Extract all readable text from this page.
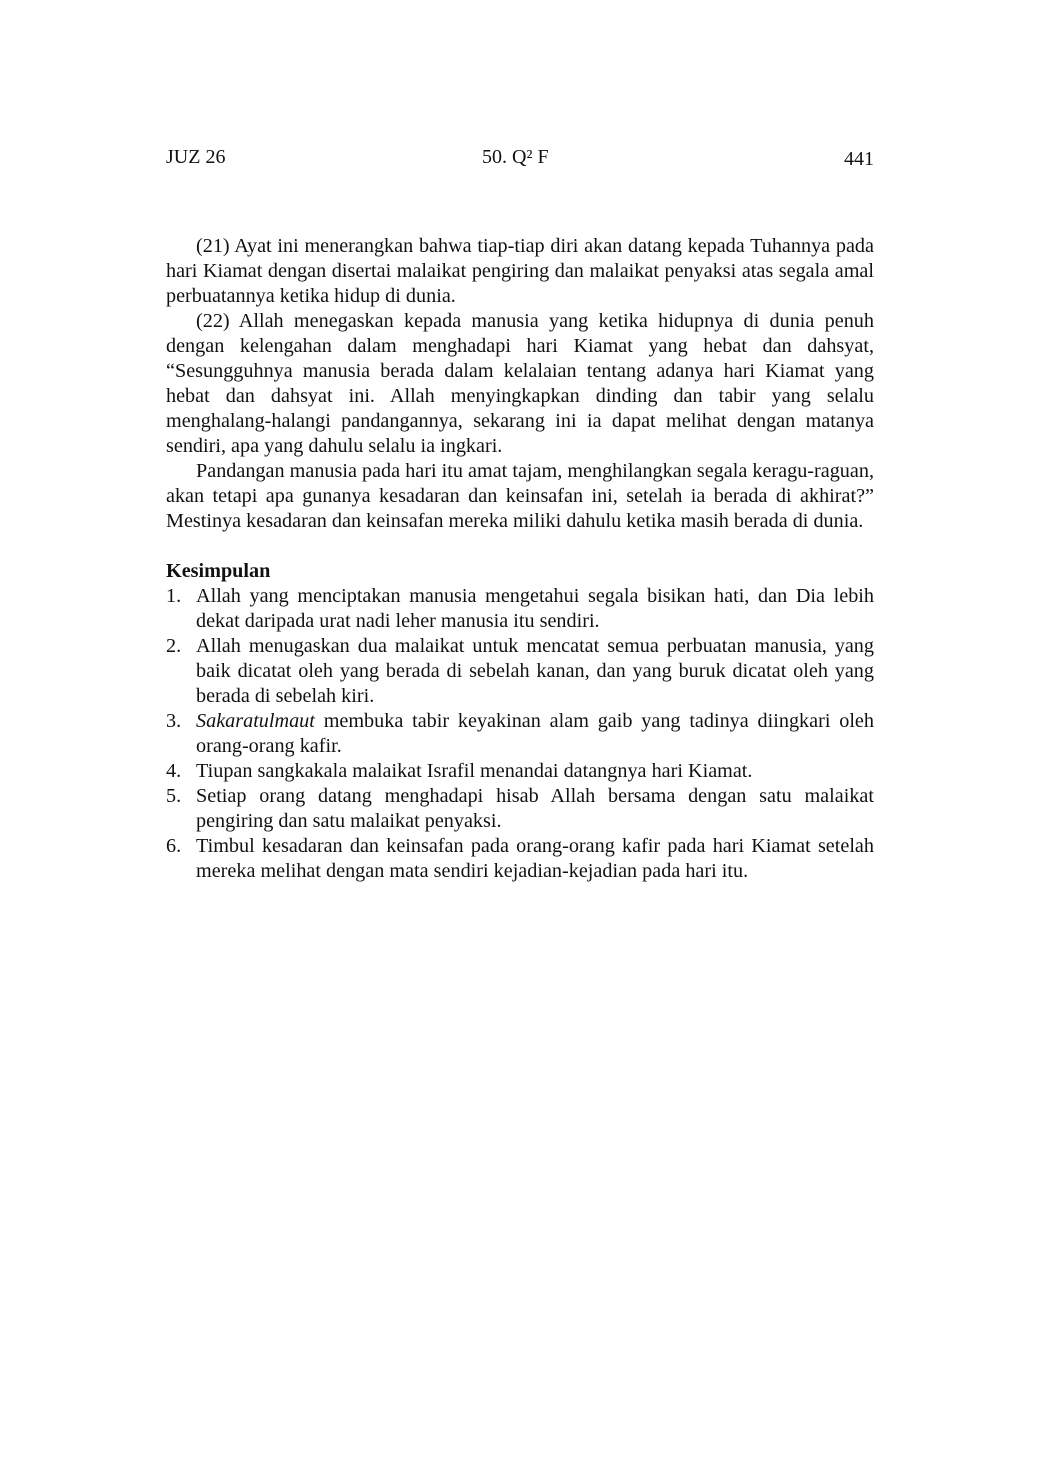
JUZ 26	50. Q² F	441

(21) Ayat ini menerangkan bahwa tiap-tiap diri akan datang kepada Tuhannya pada hari Kiamat dengan disertai malaikat pengiring dan malaikat penyaksi atas segala amal perbuatannya ketika hidup di dunia.

(22) Allah menegaskan kepada manusia yang ketika hidupnya di dunia penuh dengan kelengahan dalam menghadapi hari Kiamat yang hebat dan dahsyat, “Sesungguhnya manusia berada dalam kelalaian tentang adanya hari Kiamat yang hebat dan dahsyat ini. Allah menyingkapkan dinding dan tabir yang selalu menghalang-halangi pandangannya, sekarang ini ia dapat melihat dengan matanya sendiri, apa yang dahulu selalu ia ingkari.

Pandangan manusia pada hari itu amat tajam, menghilangkan segala keragu-raguan, akan tetapi apa gunanya kesadaran dan keinsafan ini, setelah ia berada di akhirat?” Mestinya kesadaran dan keinsafan mereka miliki dahulu ketika masih berada di dunia.

Kesimpulan
1. Allah yang menciptakan manusia mengetahui segala bisikan hati, dan Dia lebih dekat daripada urat nadi leher manusia itu sendiri.
2. Allah menugaskan dua malaikat untuk mencatat semua perbuatan manusia, yang baik dicatat oleh yang berada di sebelah kanan, dan yang buruk dicatat oleh yang berada di sebelah kiri.
3. Sakaratulmaut membuka tabir keyakinan alam gaib yang tadinya diingkari oleh orang-orang kafir.
4. Tiupan sangkakala malaikat Israfil menandai datangnya hari Kiamat.
5. Setiap orang datang menghadapi hisab Allah bersama dengan satu malaikat pengiring dan satu malaikat penyaksi.
6. Timbul kesadaran dan keinsafan pada orang-orang kafir pada hari Kiamat setelah mereka melihat dengan mata sendiri kejadian-kejadian pada hari itu.
